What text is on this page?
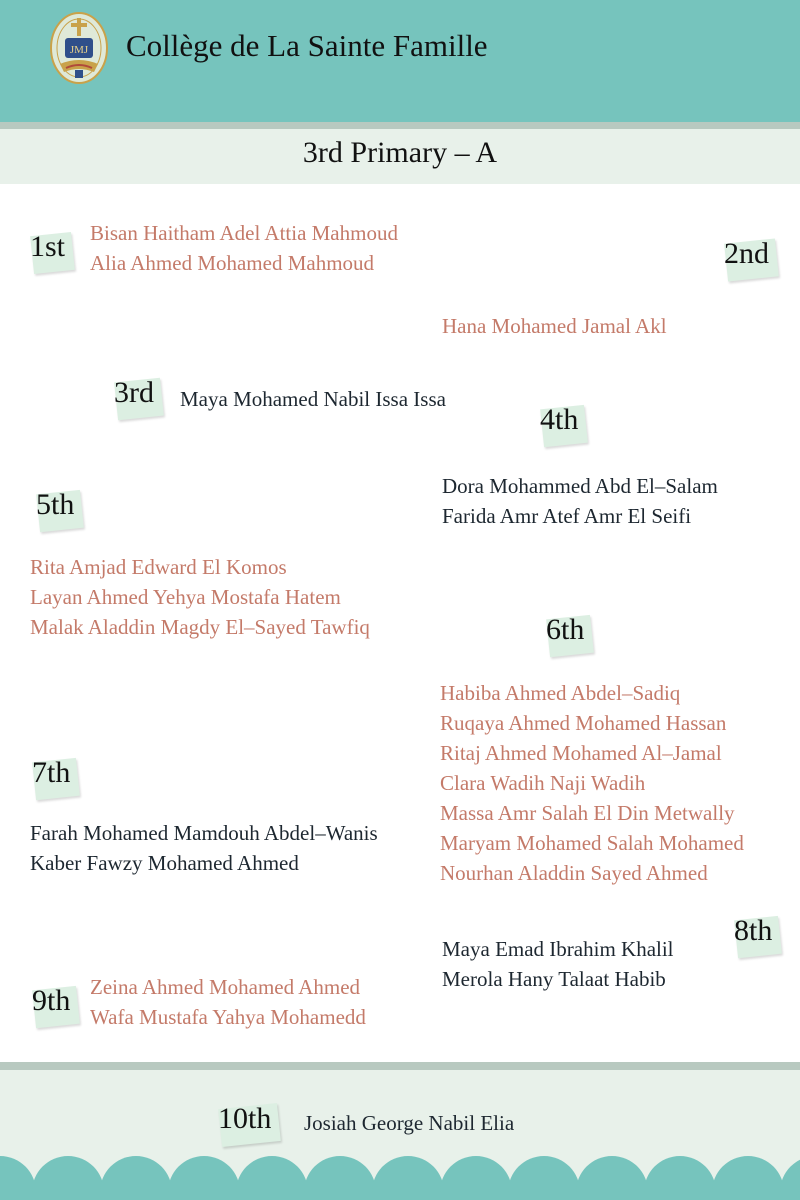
JMJ Collège de La Sainte Famille
3rd Primary – A
1st Bisan Haitham Adel Attia Mahmoud
Alia Ahmed Mohamed Mahmoud	2nd
Hana Mohamed Jamal Akl
3rd Maya Mohamed Nabil Issa Issa
4th
Dora Mohammed Abd El–Salam
Farida Amr Atef Amr El Seifi
5th
Rita Amjad Edward El Komos
Layan Ahmed Yehya Mostafa Hatem
Malak Aladdin Magdy El–Sayed Tawfiq	6th
Habiba Ahmed Abdel–Sadiq
Ruqaya Ahmed Mohamed Hassan
Ritaj Ahmed Mohamed Al–Jamal
Clara Wadih Naji Wadih
Massa Amr Salah El Din Metwally
Maryam Mohamed Salah Mohamed
Nourhan Aladdin Sayed Ahmed
7th
Farah Mohamed Mamdouh Abdel–Wanis
Kaber Fawzy Mohamed Ahmed
8th
Maya Emad Ibrahim Khalil
Merola Hany Talaat Habib
9th Zeina Ahmed Mohamed Ahmed
Wafa Mustafa Yahya Mohamedd
10th Josiah George Nabil Elia
